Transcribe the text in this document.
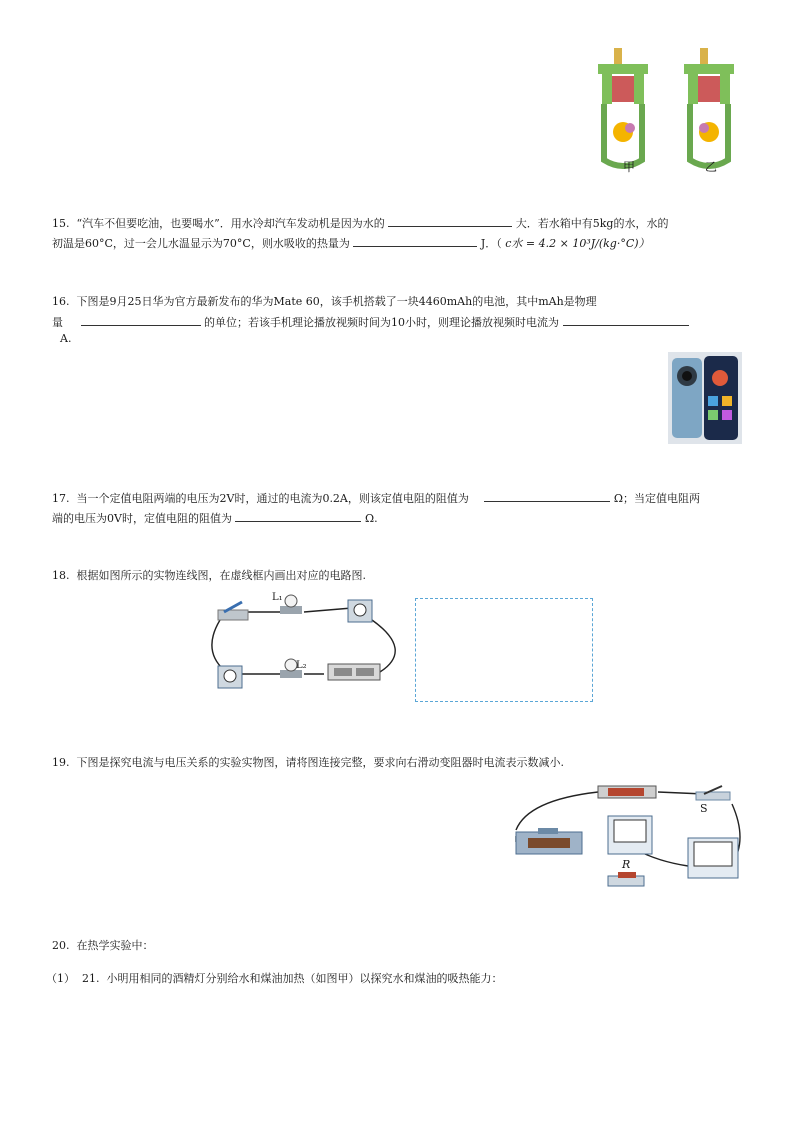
甲	乙
15. “汽车不但要吃油，也要喝水”．用水冷却汽车发动机是因为水的	大．若水箱中有5kg的水，水的
初温是60°C，过一会儿水温显示为70°C，则水吸收的热量为	J．（ c水 = 4.2 × 10³J/(kg·°C)）
16. 下图是9月25日华为官方最新发布的华为Mate 60，该手机搭载了一块4460mAh的电池，其中mAh是物理
量	的单位；若该手机理论播放视频时间为10小时，则理论播放视频时电流为
A.
17. 当一个定值电阻两端的电压为2V时，通过的电流为0.2A，则该定值电阻的阻值为	Ω；当定值电阻两
端的电压为0V时，定值电阻的阻值为	Ω.
18. 根据如图所示的实物连线图，在虚线框内画出对应的电路图.
L₁
L₂
19. 下图是探究电流与电压关系的实验实物图，请将图连接完整，要求向右滑动变阻器时电流表示数减小.
S
R
20. 在热学实验中：
（1） 21. 小明用相同的酒精灯分别给水和煤油加热（如图甲）以探究水和煤油的吸热能力：
